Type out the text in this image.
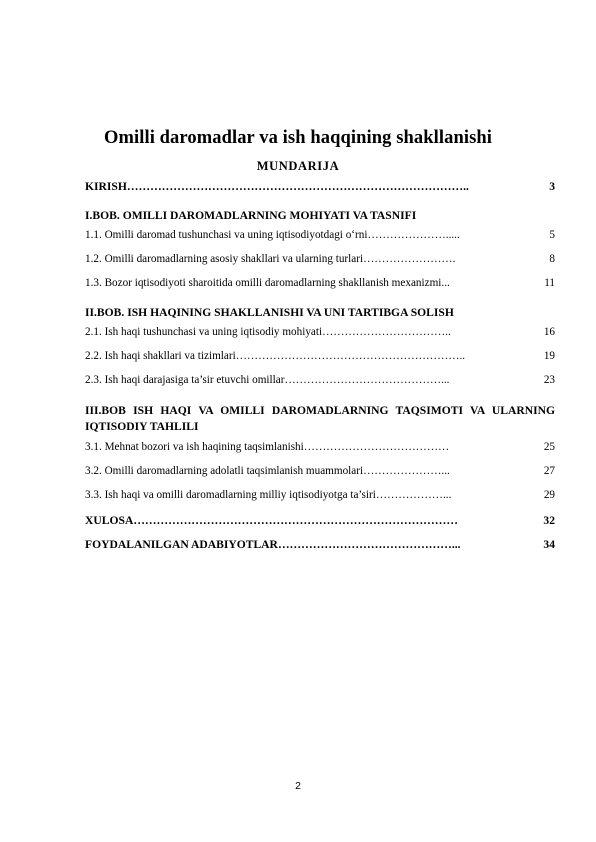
Omilli daromadlar va ish haqqining shakllanishi
MUNDARIJA
KIRISH ……………………………………………………………………………..	3
I.BOB. OMILLI DAROMADLARNING MOHIYATI VA TASNIFI
1.1. Omilli daromad tushunchasi va uning iqtisodiyotdagi o‘rni ………………….....	5
1.2. Omilli daromadlarning asosiy shakllari va ularning turlari …………………….	8
1.3. Bozor iqtisodiyoti sharoitida omilli daromadlarning shakllanish mexanizmi ...	11
II.BOB. ISH HAQINING SHAKLLANISHI VA UNI TARTIBGA SOLISH
2.1. Ish haqi tushunchasi va uning iqtisodiy mohiyati ……………………………..	16
2.2. Ish haqi shakllari va tizimlari ……………………………………………………..	19
2.3. Ish haqi darajasiga ta’sir etuvchi omillar ……………………………………...	23
III.BOB ISH HAQI VA OMILLI DAROMADLARNING TAQSIMOTI VA ULARNING IQTISODIY TAHLILI
3.1. Mehnat bozori va ish haqining taqsimlanishi …………………………………	25
3.2. Omilli daromadlarning adolatli taqsimlanish muammolari …………………...	27
3.3. Ish haqi va omilli daromadlarning milliy iqtisodiyotga ta’siri ………………...	29
XULOSA …………………………………………………………………………	32
FOYDALANILGAN ADABIYOTLAR ………………………………………...	34
2
